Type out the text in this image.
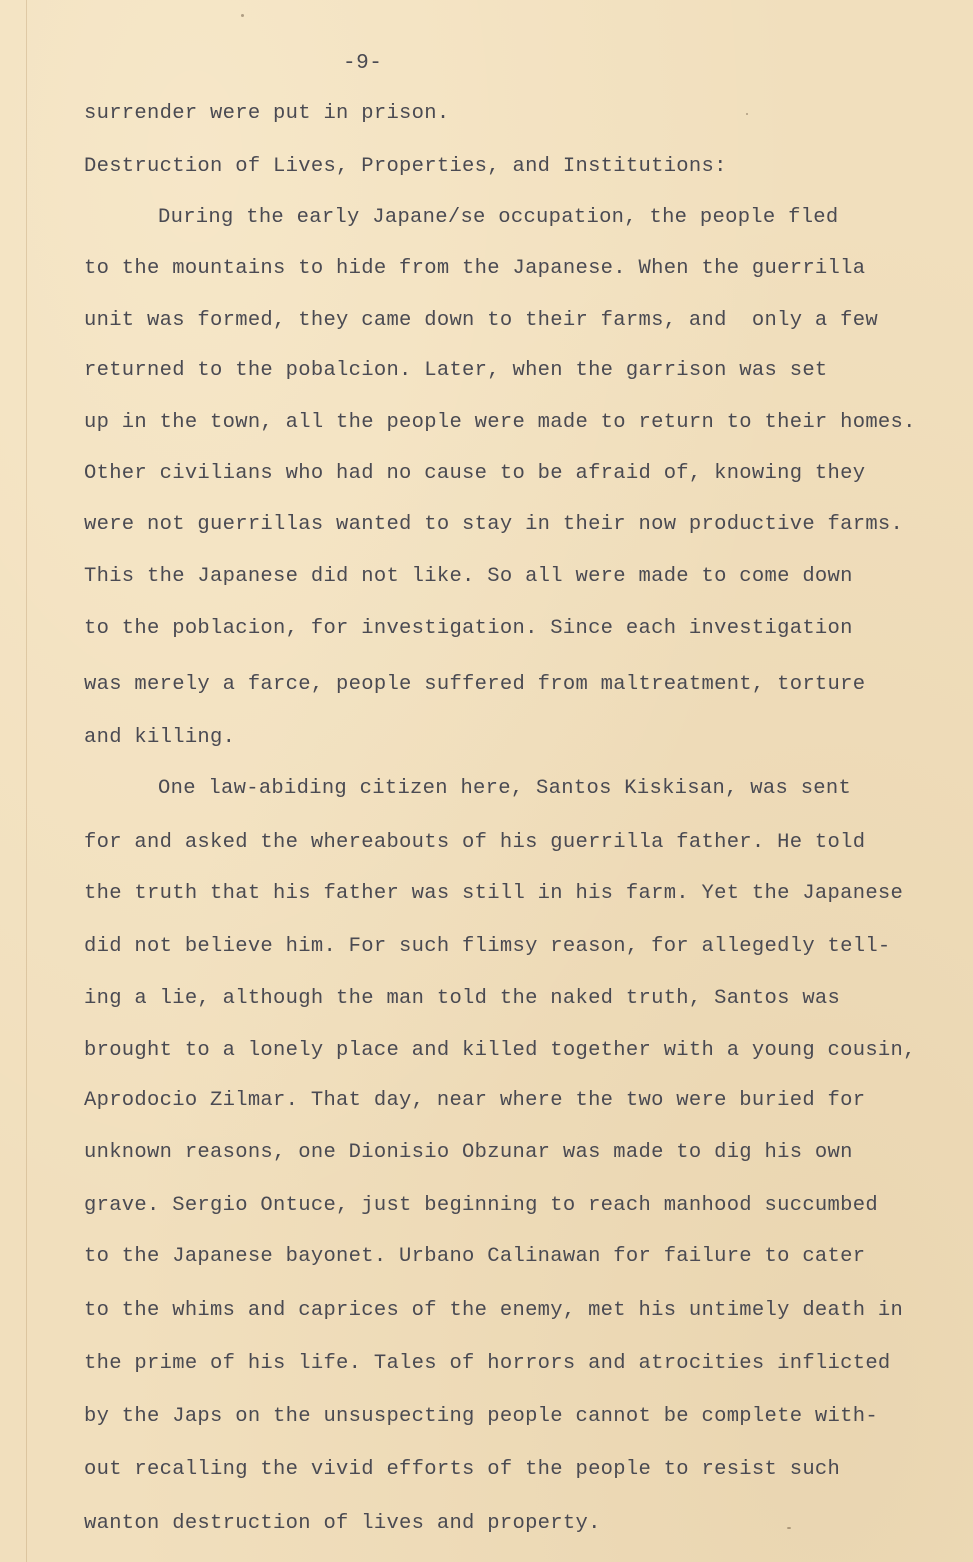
-9-
surrender were put in prison.
Destruction of Lives, Properties, and Institutions:
During the early Japane/se occupation, the people fled
to the mountains to hide from the Japanese. When the guerrilla
unit was formed, they came down to their farms, and  only a few
returned to the pobalcion. Later, when the garrison was set
up in the town, all the people were made to return to their homes.
Other civilians who had no cause to be afraid of, knowing they
were not guerrillas wanted to stay in their now productive farms.
This the Japanese did not like. So all were made to come down
to the poblacion, for investigation. Since each investigation
was merely a farce, people suffered from maltreatment, torture
and killing.
One law-abiding citizen here, Santos Kiskisan, was sent
for and asked the whereabouts of his guerrilla father. He told
the truth that his father was still in his farm. Yet the Japanese
did not believe him. For such flimsy reason, for allegedly tell-
ing a lie, although the man told the naked truth, Santos was
brought to a lonely place and killed together with a young cousin,
Aprodocio Zilmar. That day, near where the two were buried for
unknown reasons, one Dionisio Obzunar was made to dig his own
grave. Sergio Ontuce, just beginning to reach manhood succumbed
to the Japanese bayonet. Urbano Calinawan for failure to cater
to the whims and caprices of the enemy, met his untimely death in
the prime of his life. Tales of horrors and atrocities inflicted
by the Japs on the unsuspecting people cannot be complete with-
out recalling the vivid efforts of the people to resist such
wanton destruction of lives and property.
